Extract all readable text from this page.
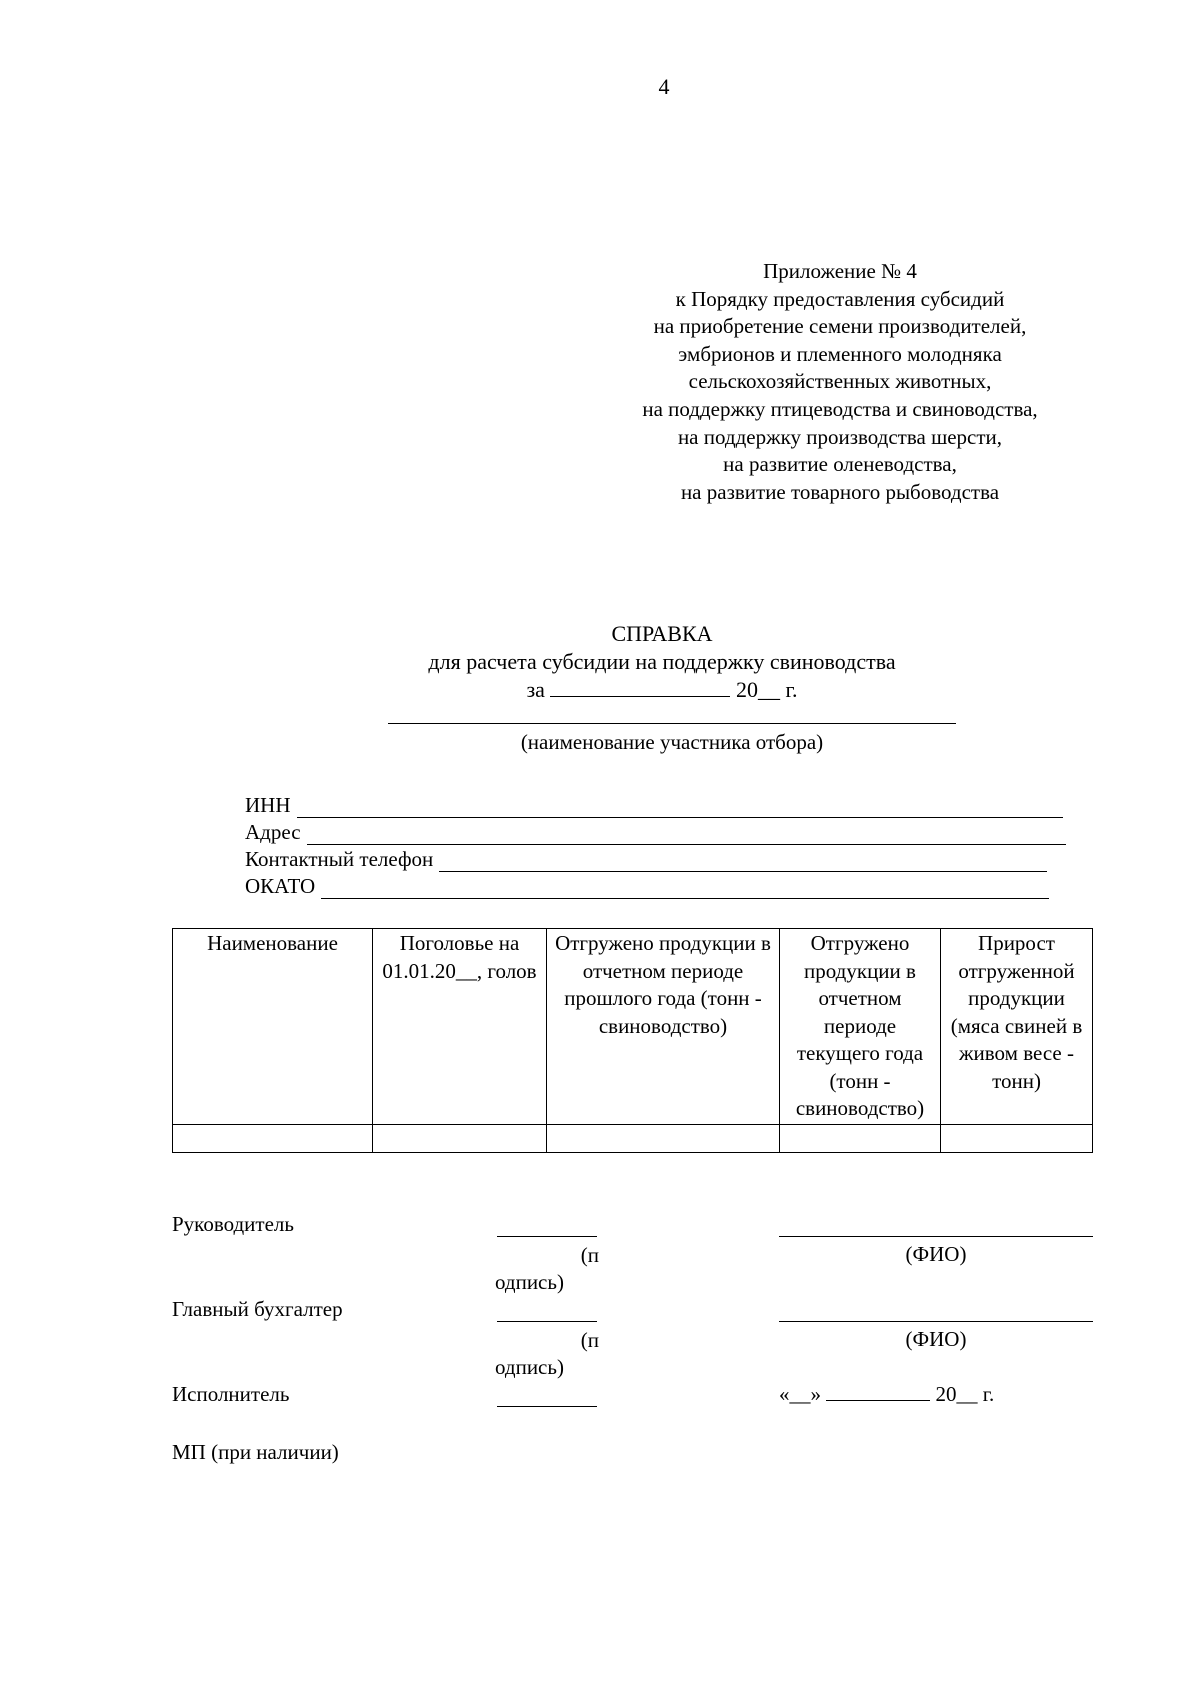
4
Приложение № 4
к Порядку предоставления субсидий
на приобретение семени производителей,
эмбрионов и племенного молодняка
сельскохозяйственных животных,
на поддержку птицеводства и свиноводства,
на поддержку производства шерсти,
на развитие оленеводства,
на развитие товарного рыбоводства
СПРАВКА
для расчета субсидии на поддержку свиноводства
за	20__ г.
(наименование участника отбора)
ИНН
Адрес
Контактный телефон
ОКАТО
Наименование	Поголовье на 01.01.20__, голов	Отгружено продукции в отчетном периоде прошлого года (тонн - свиноводство)	Отгружено продукции в отчетном периоде текущего года (тонн - свиноводство)	Прирост отгруженной продукции (мяса свиней в живом весе - тонн)

Руководитель
(п
одпись)
(ФИО)
Главный бухгалтер
(п
одпись)
(ФИО)
Исполнитель	«__»	20__ г.
МП (при наличии)
